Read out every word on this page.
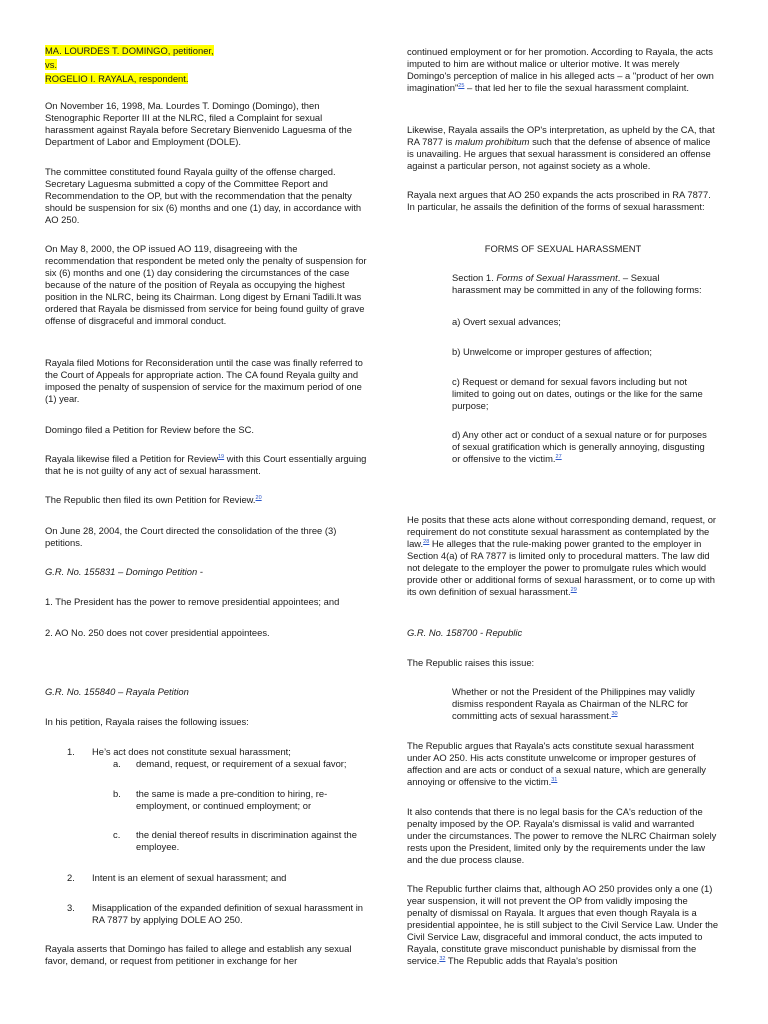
MA. LOURDES T. DOMINGO, petitioner,
vs.
ROGELIO I. RAYALA, respondent.

On November 16, 1998, Ma. Lourdes T. Domingo (Domingo), then Stenographic Reporter III at the NLRC, filed a Complaint for sexual harassment against Rayala before Secretary Bienvenido Laguesma of the Department of Labor and Employment (DOLE).

The committee constituted found Rayala guilty of the offense charged. Secretary Laguesma submitted a copy of the Committee Report and Recommendation to the OP, but with the recommendation that the penalty should be suspension for six (6) months and one (1) day, in accordance with AO 250.

On May 8, 2000, the OP issued AO 119, disagreeing with the recommendation that respondent be meted only the penalty of suspension for six (6) months and one (1) day considering the circumstances of the case because of the nature of the position of Reyala as occupying the highest position in the NLRC, being its Chairman. Long digest by Ernani Tadili.It was ordered that Rayala be dismissed from service for being found guilty of grave offense of disgraceful and immoral conduct.

Rayala filed Motions for Reconsideration until the case was finally referred to the Court of Appeals for appropriate action. The CA found Reyala guilty and imposed the penalty of suspension of service for the maximum period of one (1) year.

Domingo filed a Petition for Review before the SC.

Rayala likewise filed a Petition for Review$^{19}$ with this Court essentially arguing that he is not guilty of any act of sexual harassment.

The Republic then filed its own Petition for Review.$^{20}$

On June 28, 2004, the Court directed the consolidation of the three (3) petitions.

G.R. No. 155831 – Domingo Petition -

1. The President has the power to remove presidential appointees; and

2. AO No. 250 does not cover presidential appointees.

G.R. No. 155840 – Rayala Petition

In his petition, Rayala raises the following issues:

1. He’s act does not constitute sexual harassment;
a. demand, request, or requirement of a sexual favor;
b. the same is made a pre-condition to hiring, re-employment, or continued employment; or
c. the denial thereof results in discrimination against the employee.
2. Intent is an element of sexual harassment; and
3. Misapplication of the expanded definition of sexual harassment in RA 7877 by applying DOLE AO 250.

Rayala asserts that Domingo has failed to allege and establish any sexual favor, demand, or request from petitioner in exchange for her

continued employment or for her promotion. According to Rayala, the acts imputed to him are without malice or ulterior motive. It was merely Domingo's perception of malice in his alleged acts – a "product of her own imagination"$^{25}$ – that led her to file the sexual harassment complaint.

Likewise, Rayala assails the OP's interpretation, as upheld by the CA, that RA 7877 is malum prohibitum such that the defense of absence of malice is unavailing. He argues that sexual harassment is considered an offense against a particular person, not against society as a whole.

Rayala next argues that AO 250 expands the acts proscribed in RA 7877. In particular, he assails the definition of the forms of sexual harassment:

FORMS OF SEXUAL HARASSMENT

Section 1. Forms of Sexual Harassment. – Sexual harassment may be committed in any of the following forms:

a) Overt sexual advances;

b) Unwelcome or improper gestures of affection;

c) Request or demand for sexual favors including but not limited to going out on dates, outings or the like for the same purpose;

d) Any other act or conduct of a sexual nature or for purposes of sexual gratification which is generally annoying, disgusting or offensive to the victim.$^{27}$

He posits that these acts alone without corresponding demand, request, or requirement do not constitute sexual harassment as contemplated by the law.$^{28}$ He alleges that the rule-making power granted to the employer in Section 4(a) of RA 7877 is limited only to procedural matters. The law did not delegate to the employer the power to promulgate rules which would provide other or additional forms of sexual harassment, or to come up with its own definition of sexual harassment.$^{29}$

G.R. No. 158700 - Republic

The Republic raises this issue:

Whether or not the President of the Philippines may validly dismiss respondent Rayala as Chairman of the NLRC for committing acts of sexual harassment.$^{30}$

The Republic argues that Rayala's acts constitute sexual harassment under AO 250. His acts constitute unwelcome or improper gestures of affection and are acts or conduct of a sexual nature, which are generally annoying or offensive to the victim.$^{31}$

It also contends that there is no legal basis for the CA's reduction of the penalty imposed by the OP. Rayala's dismissal is valid and warranted under the circumstances. The power to remove the NLRC Chairman solely rests upon the President, limited only by the requirements under the law and the due process clause.

The Republic further claims that, although AO 250 provides only a one (1) year suspension, it will not prevent the OP from validly imposing the penalty of dismissal on Rayala. It argues that even though Rayala is a presidential appointee, he is still subject to the Civil Service Law. Under the Civil Service Law, disgraceful and immoral conduct, the acts imputed to Rayala, constitute grave misconduct punishable by dismissal from the service.$^{32}$ The Republic adds that Rayala's position
